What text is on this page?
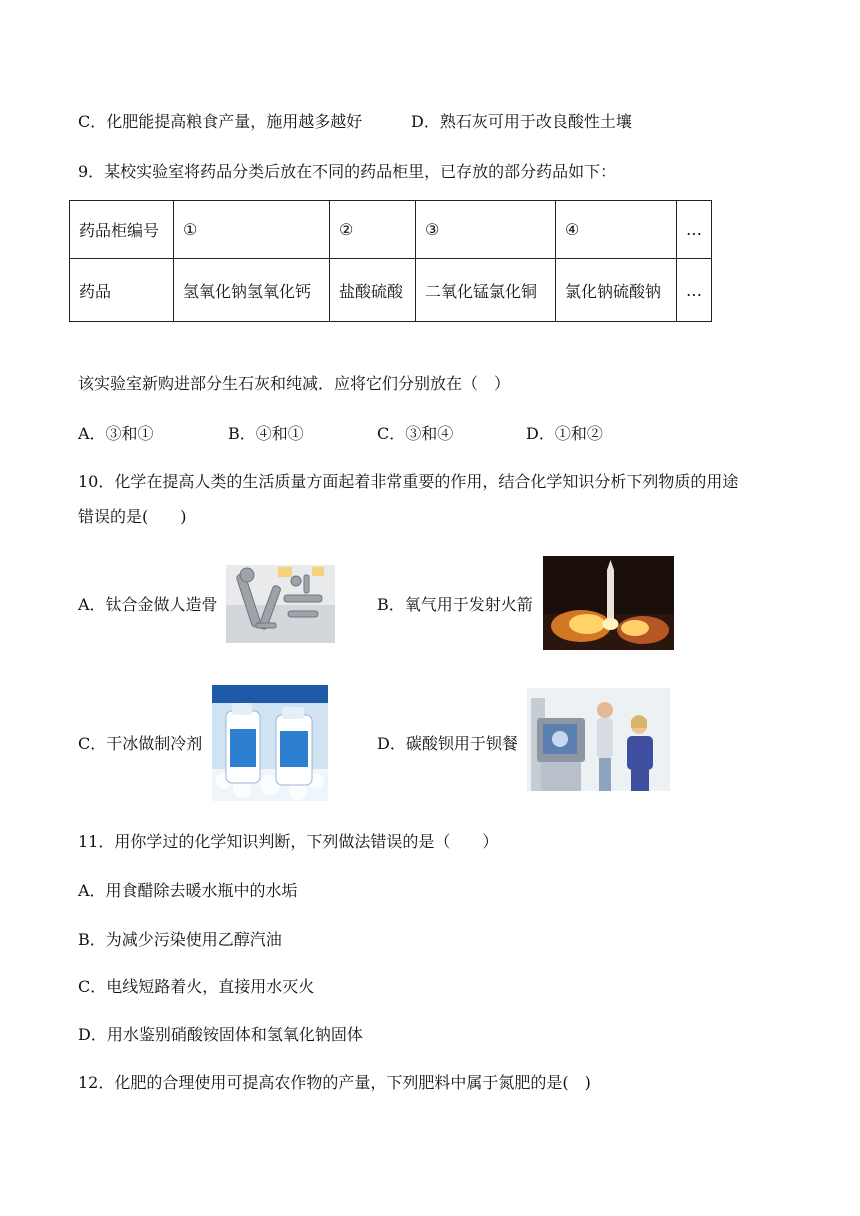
C．化肥能提高粮食产量，施用越多越好	D．熟石灰可用于改良酸性土壤
9．某校实验室将药品分类后放在不同的药品柜里，已存放的部分药品如下：
药品柜编号	①	②	③	④	…
药品	氢氧化钠氢氧化钙	盐酸硫酸	二氧化锰氯化铜	氯化钠硫酸钠	…
该实验室新购进部分生石灰和纯减．应将它们分别放在（　）
A．③和①	B．④和①	C．③和④	D．①和②
10．化学在提高人类的生活质量方面起着非常重要的作用，结合化学知识分析下列物质的用途
错误的是(　　)
A．钛合金做人造骨	B．氧气用于发射火箭
C．干冰做制冷剂	D．碳酸钡用于钡餐
11．用你学过的化学知识判断，下列做法错误的是（　　）
A．用食醋除去暖水瓶中的水垢
B．为减少污染使用乙醇汽油
C．电线短路着火，直接用水灭火
D．用水鉴别硝酸铵固体和氢氧化钠固体
12．化肥的合理使用可提高农作物的产量，下列肥料中属于氮肥的是(　)
